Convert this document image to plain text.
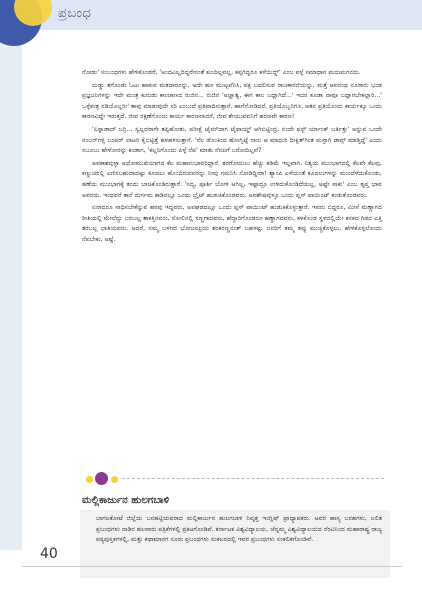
ಪ್ರಬಂಧ

ನೋಡು' ಸಂಬಂಧಗಳು ಹೇಳಿಕೊಂಡರೆ, 'ಅಂದವಿಲ್ಲದಿದ್ದರೇನಂತೆ ಕುಂದಿಲ್ಲವಲ್ಲ, ಕಪ್ಪಗಿದ್ದರೂ ಕಳೆಯಿದ್ದ್' ಎಂಬ ಪಳ್ಳೆ ಸಮಾಧಾನ ಮದುಮಗನದು.

ದುಡ್ಡು ತಗೊಂಡು ಓಟು ಹಾಕುವ ಮತದಾರನನ್ನು, ಅದೇ ಹಣ ಮುಟ್ಟವೆನಿಸಿ, ಪಕ್ಷ ಬದಲಿಸುವ ರಾಜಕಾರಣಿಯನ್ನು, ಮತ್ತೆ ಅವನಂಥ ನೂರಾರು ಭಂಡ ಪ್ರಜ್ಞಜನಿಗಳನ್ನು ಇದೇ ಮಂತ್ರ ಕುರುಡು ಕಾಂಚಾಣದ ರುಜಿನ... ರುಜಿನ 'ಅಜ್ಞಾತ್ವ, ಈಗ ಕಾಲ ಬದ್ಲಾಗಿದೆ...' ಇದರ ಕೂಡಾ ನಾವೂ ಬದ್ಲಾಗಬೇಕಲ್ಲಾರಿ...' ಒಳ್ಳೆಕಂತ್ರ ನಡಿಯೊಲ್ಲರೀ' ತಾವು ಮಾಡುವುದೇ ಸರಿ ಎಂಬುದೆ ಪ್ರತಿಪಾದಿಸುತ್ತಾರೆ. ಹಾಗೆನೋಡಿದರೆ, ಪ್ರತಿಯೊಬ್ಬನಿಗೂ, ಆತನ ಪ್ರತಿಯೊಂದು ಕಾರ್ಯಕ್ಕೂ ಒಂದು ಕಾರಣವಿದ್ದೇ ಇರುತ್ತದೆ. ಜೀವ ರಕ್ಷಣೆಗೊಂದು ಕಾರ್ಯ ಕಾರಣವಾದರೆ, ಜೀವ ತೇಯುವವನಿಗೆ ಹರಣವೇ ಕಾರಣ!

'ಏಸ್ನಾಡಾದ್ ಬರ್ರಿ... ಸ್ವಲ್ಪದರಾಗೇ ತಪ್ಪಿಹೋತು, ಪರೀಕ್ಷೆ ಟೈಮ್‌ದಾಗ ಟೈಫಾಯ್ಡ್ ಆಗಿಬಿಟ್ಟಿಂದ್ರ, ನಂದೇ ಫಸ್ಟ್ ರ್ಯಾಂಕ್ ಬರ್ತಿತ್ತು' ಅನ್ನುವ ಒಂದೇ ನಂಬರ್‌ಗಳ್ಲಿ ಬಂಪರ್ ಲಾಟರಿ ಕೈಬಿಟ್ಟಿತ್ತೆ ಹಳಹಳಿಸುತ್ತಾನೆ. 'ನೆಲ ಡೊಂಕಿಂದ ಹೋಗ್ಬಿಟ್ಟೆ ನಾನು ಆ ಮಾಧುರಿ ದೀಕ್ಷಿತ್‌ಗಿಂತ ಮಸ್ತಾಗಿ ಡಾನ್ಸ್ ಮಾಡ್ತಿದ್ದೆ' ಎಂದು ಸಬೂಬು ಹೇಳೋರನ್ನು ಕಂಡಾಗ, 'ಕಲ್ಲನಿಗೊಂದು ಪಿಳ್ಳೆ ನೆಪ' ಮಾತು ನೆನಪಿಗೆ ಬರೋದಿಲ್ಲವೆ?

ಅವಕಾಶವುಳ್ಳಾ ಅಧೋಮುಖಿಯಾಗದ ಕೆಲ ಮಹಾನುಭಾವರಿದ್ದಾರೆ. ತರಗೋದುಲು ಹೆಚ್ಚು ಕಡಿಮೆ ಇಲ್ಲವಾಗಿ, ನಿತ್ಯಯ ಮುಂಭಾಗದಲ್ಲಿ ಕೆಲವೇ ಕೆಲವು, ಕಣ್ಣುಚಿನಲ್ಲಿ ಎಣಿಸಬಹುದಾದಷ್ಟು ಕೂದಲು ಹೊಂದಿರುವವರನ್ನು ನೀವು ಗಮನಿಸಿ ನೋಡಿದ್ದೀರಾ! ಶ್ಯಾಂಪಿ ಎಳೆಯಂತೆ ಕೂದಲುಗಳನ್ನು ಮುಂದೆಳೆದುಕೊಂಡು, ಹಣೆಯ ಮುಂಭಾಗಕ್ಕೆ ತಂದು ಬಾಚಿಕೊಂಡಿರುತ್ತಾರೆ. 'ಸದ್ಯ, ಪೂರ್ತಿ ಬೋಳಿ ಆಗಿಲ್ಲ, ಇಷ್ಟಾದ್ರೂ ಉಳಿದುಕೊಂಡಿದೆಯಲ್ಲ, ಅಷ್ಟೇ ಸಾಕು' ಎಂಬ ತೃಪ್ತ ಭಾವ ಅವರದು. ಇಂಥವರೆ ತಾನೆ ದುರ್ಗಮ ಕಾಡಿನಲ್ಲೂ ಒಂದು ಬ್ರೈಟ್ ಹುಡುಕಿಕೊಂಡವರು. ಅವಶೇಷವುಳ್ಳೂ ಒಂದು ಪ್ಲಸ್ ಪಾಯಿಂಟ್ ಕಂಡುಕೊಂಡವರು.

ಏನಾದರೂ ಸಾಧಿಸಬೇಕೆನ್ನುವ ಹಠವು ಇದ್ದವರು, ಅವಘಡದಲ್ಲೂ ಒಂದು ಪ್ಲಸ್ ಪಾಯಿಂಟ್ ಹುಡುಕಿಕೊಳ್ಳುತ್ತಾರೆ. ಇವರು ಬಿದ್ದರೂ, ಮೀಸೆ ಮಣ್ಣಾಗದ ರೀತಿಯಲ್ಲಿ ಮೇಲೆದ್ದು ಬರಬಲ್ಲ ತಾಕತ್ತಿನವರು, ಸೋಲಿನಲ್ಲಿ ಸಣ್ಣಗಾದವನು, ಹೆದ್ದಾರಿಗೊಂಡರೂ ಹಣ್ಣಾಗದವನು, ಕಳಕೊಂಡ ಸ್ಥಳದಲ್ಲಿಯೇ ಕನಕದ ಗಿಡದ ಎತ್ತಿ ತರಬಲ್ಲ ಛಾತಿಯವರು. ಅದರೆ, ನಮ್ಮ ಬಳಗದ ಭೋಜನಪ್ರಿಯ ಶಂಕರಣ್ಣನಂತ್ ಬಹಳಷ್ಟು ಜನರಿಗೆ ತಮ್ಮ ತಪ್ಪು ಮುಚ್ಚಿಕೊಳ್ಳಲು, ಹೇಳಿಕೊಳ್ಳಲೊಂದು ನೆಪಬೇಕು, ಅಷ್ಟೆ.

ಮಲ್ಲಿಕಾರ್ಜುನ ಹುಲಗಬಾಳಿ
ಬಾಗಲಕೋಟೆ ಜಿಲ್ಲೆಯ ಬನಹಟ್ಟಿಯವರಾದ ಮಲ್ಲಿಕಾರ್ಜುನ ಹುಲಗಬಾಳಿ ನಿವೃತ್ತ ಇಂಗ್ಲಿಷ್ ಪ್ರಾಧ್ಯಾಪಕರು. ಅವರ ಹಾಸ್ಯ ಬರಹಗಳು, ಲಲಿತ ಪ್ರಬಂಧಗಳು ನಾಡಿನ ಹಲವಾರು ಪತ್ರಿಕೆಗಳಲ್ಲಿ ಪ್ರಕಟಗೊಂಡಿವೆ. ಕರ್ನಾಟಕ ವಿಶ್ವವಿದ್ಯಾಲಯ, ಚೆನ್ನಮ್ಮ ವಿಶ್ವವಿದ್ಯಾಲಯದ ನೆರವಿನಿಂದ ಮಹಾರಾಷ್ಟ್ರ ರಾಜ್ಯ ಪಠ್ಯಪುಸ್ತಕಗಳಲ್ಲಿ, ಮತ್ತು ಕಥಾಮಾನಗ ನೂರು ಪ್ರಬಂಧಗಳು ಸಂಕಲನದಲ್ಲಿ ಇವರ ಪ್ರಬಂಧಗಳು ಸಂಕಲಿತಗೊಂಡಿವೆ.
40
